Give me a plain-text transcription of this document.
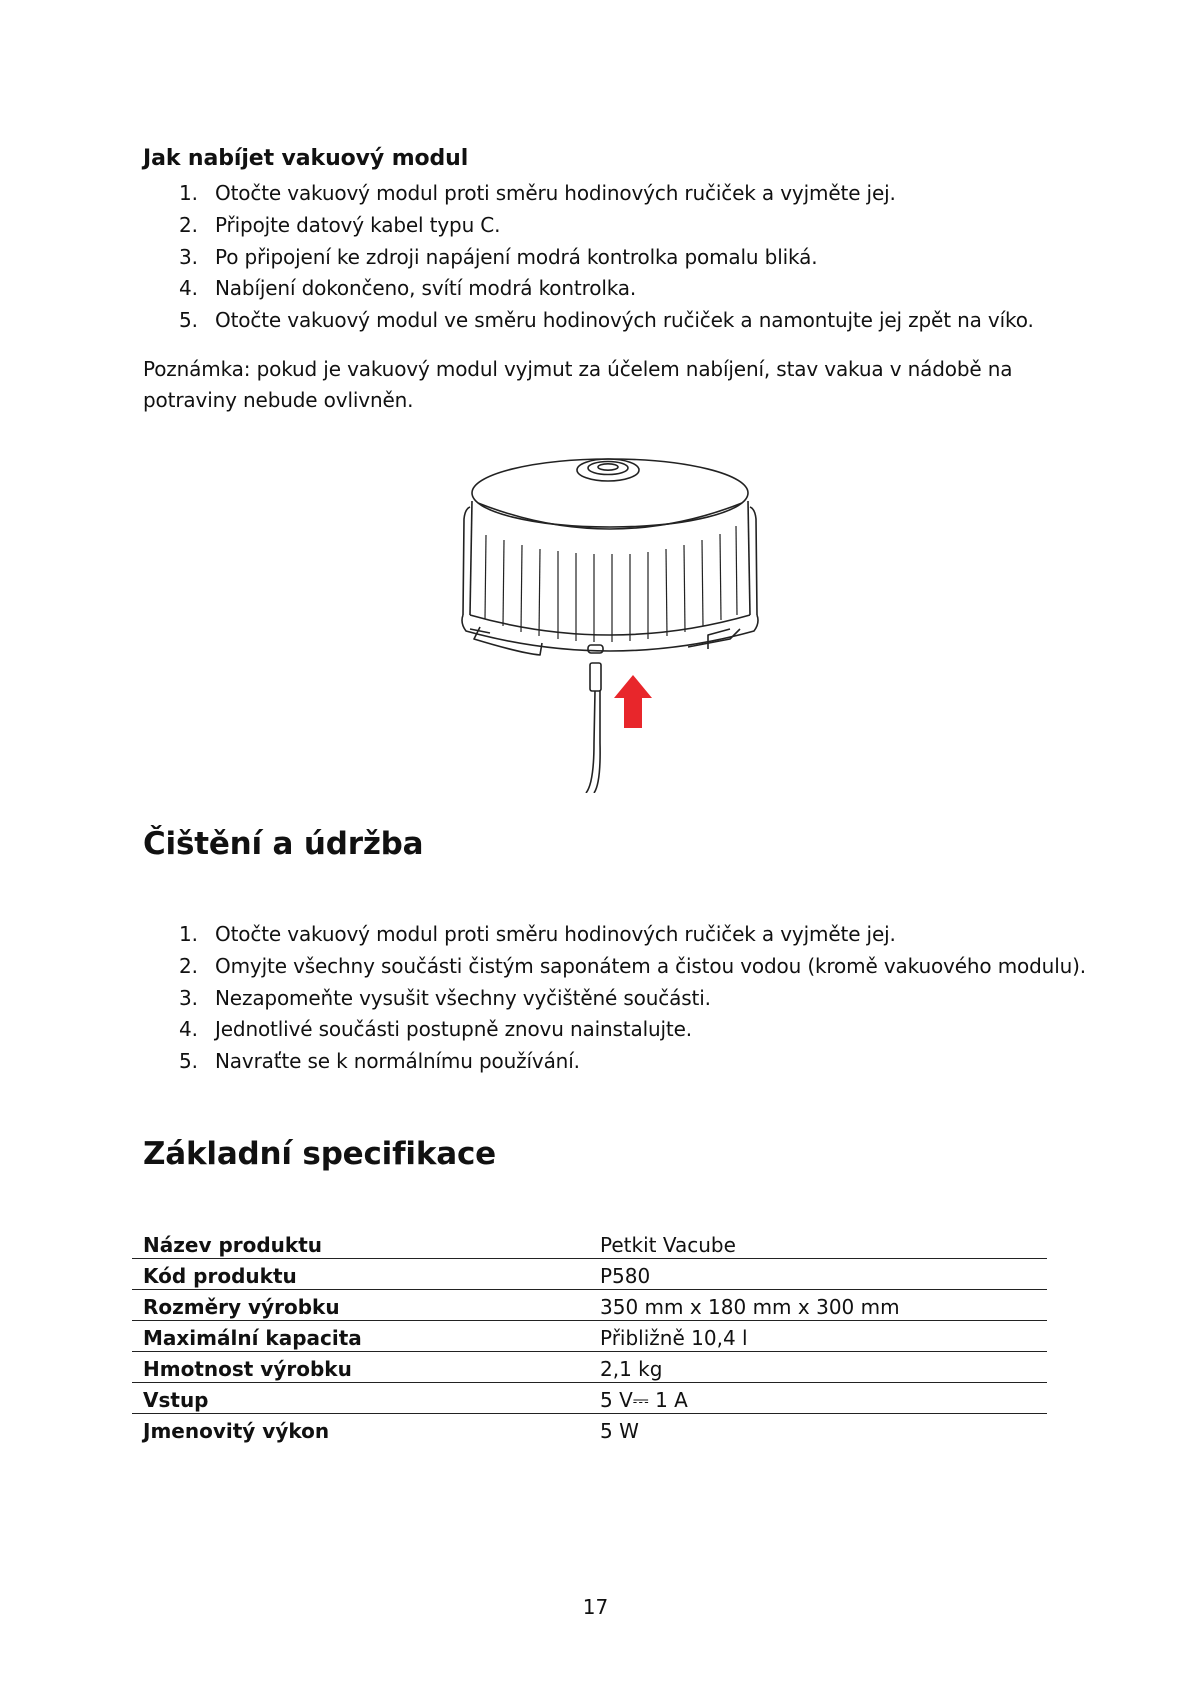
Jak nabíjet vakuový modul
1. Otočte vakuový modul proti směru hodinových ručiček a vyjměte jej.
2. Připojte datový kabel typu C.
3. Po připojení ke zdroji napájení modrá kontrolka pomalu bliká.
4. Nabíjení dokončeno, svítí modrá kontrolka.
5. Otočte vakuový modul ve směru hodinových ručiček a namontujte jej zpět na víko.

Poznámka: pokud je vakuový modul vyjmut za účelem nabíjení, stav vakua v nádobě na potraviny nebude ovlivněn.

Čištění a údržba
1. Otočte vakuový modul proti směru hodinových ručiček a vyjměte jej.
2. Omyjte všechny součásti čistým saponátem a čistou vodou (kromě vakuového modulu).
3. Nezapomeňte vysušit všechny vyčištěné součásti.
4. Jednotlivé součásti postupně znovu nainstalujte.
5. Navraťte se k normálnímu používání.
Základní specifikace
Název produktu	Petkit Vacube
Kód produktu	P580
Rozměry výrobku	350 mm x 180 mm x 300 mm
Maximální kapacita	Přibližně 10,4 l
Hmotnost výrobku	2,1 kg
Vstup	5 V⎓ 1 A
Jmenovitý výkon	5 W
17
